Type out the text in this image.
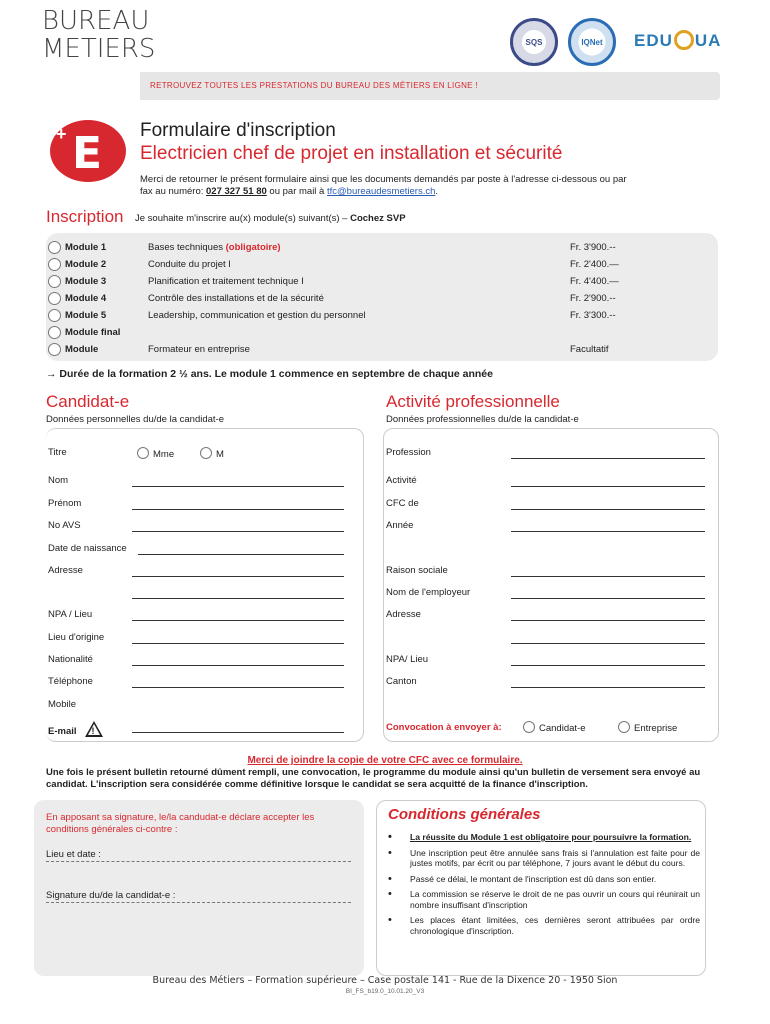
BUREAU
METIERS	SQS	IQNet	EDU UA
RETROUVEZ TOUTES LES PRESTATIONS DU BUREAU DES MÉTIERS EN LIGNE !
+ E Formulaire d'inscription
Electricien chef de projet en installation et sécurité
Merci de retourner le présent formulaire ainsi que les documents demandés par poste à l'adresse ci-dessous ou par
fax au numéro: 027 327 51 80 ou par mail à tfc@bureaudesmetiers.ch.
Inscription Je souhaite m'inscrire au(x) module(s) suivant(s) – Cochez SVP
Module 1	Bases techniques (obligatoire)	Fr. 3'900.--
Module 2	Conduite du projet I	Fr. 2'400.—
Module 3	Planification et traitement technique I	Fr. 4'400.—
Module 4	Contrôle des installations et de la sécurité	Fr. 2'900.--
Module 5	Leadership, communication et gestion du personnel	Fr. 3'300.--
Module final
Module	Formateur en entreprise	Facultatif
→ Durée de la formation 2 ½ ans. Le module 1 commence en septembre de chaque année
Candidat-e
Données personnelles du/de la candidat-e
Titre	Mme	M
Nom
Prénom
No AVS
Date de naissance
Adresse
NPA / Lieu
Lieu d'origine
Nationalité
Téléphone
Mobile
E-mail !
Activité professionnelle
Données professionnelles du/de la candidat-e
Profession
Activité
CFC de
Année
Raison sociale
Nom de l'employeur
Adresse
NPA/ Lieu
Canton
Convocation à envoyer à:	Candidat-e	Entreprise
Merci de joindre la copie de votre CFC avec ce formulaire.
Une fois le présent bulletin retourné dûment rempli, une convocation, le programme du module ainsi qu'un bulletin de versement sera envoyé au candidat. L'inscription sera considérée comme définitive lorsque le candidat se sera acquitté de la finance d'inscription.
En apposant sa signature, le/la candudat-e déclare accepter les conditions générales ci-contre :
Lieu et date :
Signature du/de la candidat-e :
Conditions générales
• La réussite du Module 1 est obligatoire pour poursuivre la formation.
• Une inscription peut être annulée sans frais si l'annulation est faite pour de justes motifs, par écrit ou par téléphone, 7 jours avant le début du cours.
• Passé ce délai, le montant de l'inscription est dû dans son entier.
• La commission se réserve le droit de ne pas ouvrir un cours qui réunirait un nombre insuffisant d'inscription
• Les places étant limitées, ces dernières seront attribuées par ordre chronologique d'inscription.
Bureau des Métiers – Formation supérieure – Case postale 141 - Rue de la Dixence 20 - 1950 Sion
BI_FS_b19.0_10.01.20_V3
